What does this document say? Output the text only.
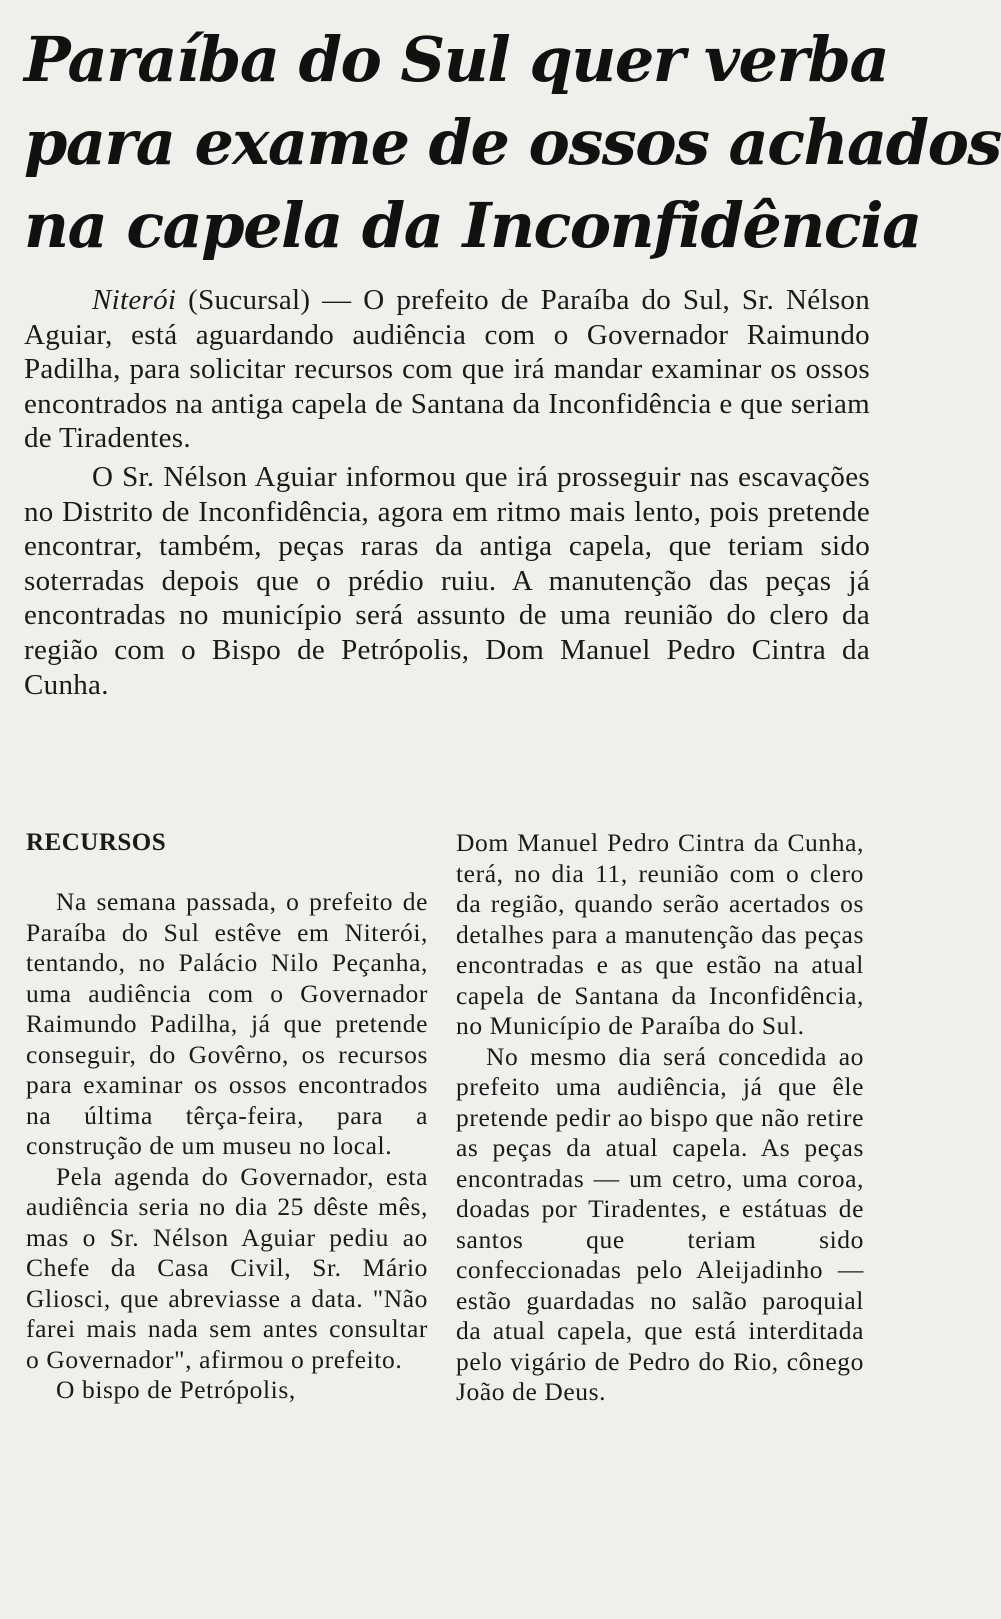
Paraíba do Sul quer verba
para exame de ossos achados
na capela da Inconfidência

Niterói (Sucursal) — O prefeito de Paraíba do Sul, Sr. Nélson Aguiar, está aguardando audiência com o Governador Raimundo Padilha, para solicitar recursos com que irá mandar examinar os ossos encontrados na antiga capela de Santana da Inconfidência e que seriam de Tiradentes.

O Sr. Nélson Aguiar informou que irá prosseguir nas escavações no Distrito de Inconfidência, agora em ritmo mais lento, pois pretende encontrar, também, peças raras da antiga capela, que teriam sido soterradas depois que o prédio ruiu. A manutenção das peças já encontradas no município será assunto de uma reunião do clero da região com o Bispo de Petrópolis, Dom Manuel Pedro Cintra da Cunha.

RECURSOS

Na semana passada, o prefeito de Paraíba do Sul estêve em Niterói, tentando, no Palácio Nilo Peçanha, uma audiência com o Governador Raimundo Padilha, já que pretende conseguir, do Govêrno, os recursos para examinar os ossos encontrados na última têrça-feira, para a construção de um museu no local.

Pela agenda do Governador, esta audiência seria no dia 25 dêste mês, mas o Sr. Nélson Aguiar pediu ao Chefe da Casa Civil, Sr. Mário Gliosci, que abreviasse a data. "Não farei mais nada sem antes consultar o Governador", afirmou o prefeito.

O bispo de Petrópolis,

Dom Manuel Pedro Cintra da Cunha, terá, no dia 11, reunião com o clero da região, quando serão acertados os detalhes para a manutenção das peças encontradas e as que estão na atual capela de Santana da Inconfidência, no Município de Paraíba do Sul.

No mesmo dia será concedida ao prefeito uma audiência, já que êle pretende pedir ao bispo que não retire as peças da atual capela. As peças encontradas — um cetro, uma coroa, doadas por Tiradentes, e estátuas de santos que teriam sido confeccionadas pelo Aleijadinho — estão guardadas no salão paroquial da atual capela, que está interditada pelo vigário de Pedro do Rio, cônego João de Deus.
